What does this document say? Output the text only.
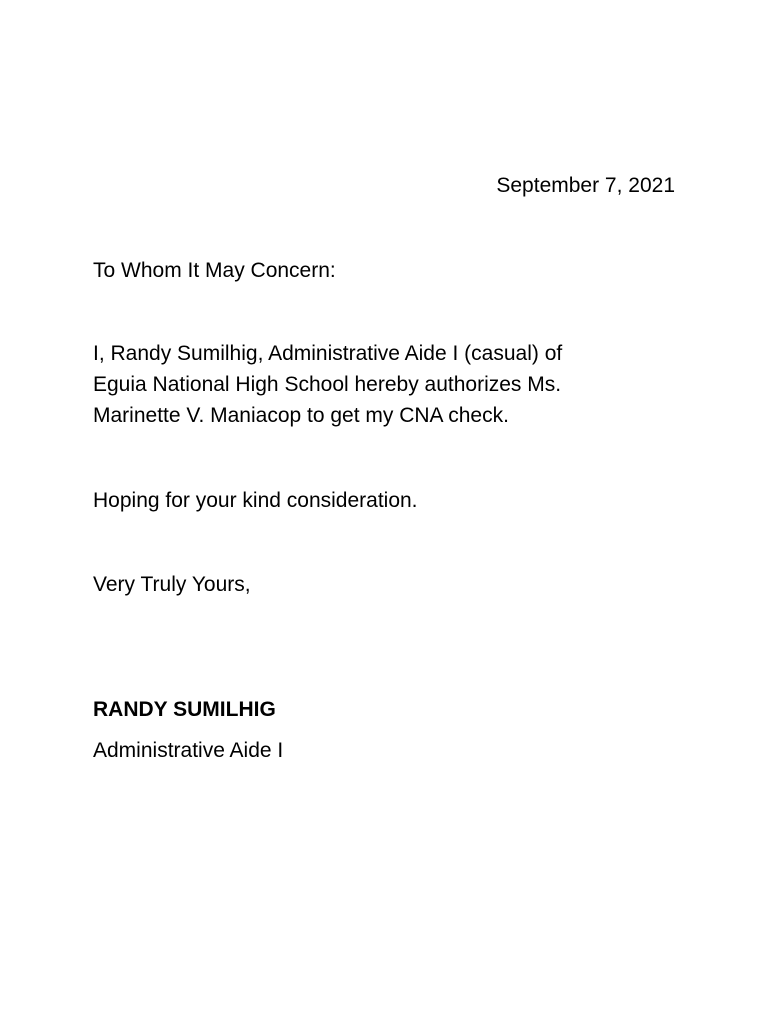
September 7, 2021
To Whom It May Concern:
I, Randy Sumilhig, Administrative Aide I (casual) of
Eguia National High School hereby authorizes Ms.
Marinette V. Maniacop to get my CNA check.
Hoping for your kind consideration.
Very Truly Yours,
RANDY SUMILHIG
Administrative Aide I
